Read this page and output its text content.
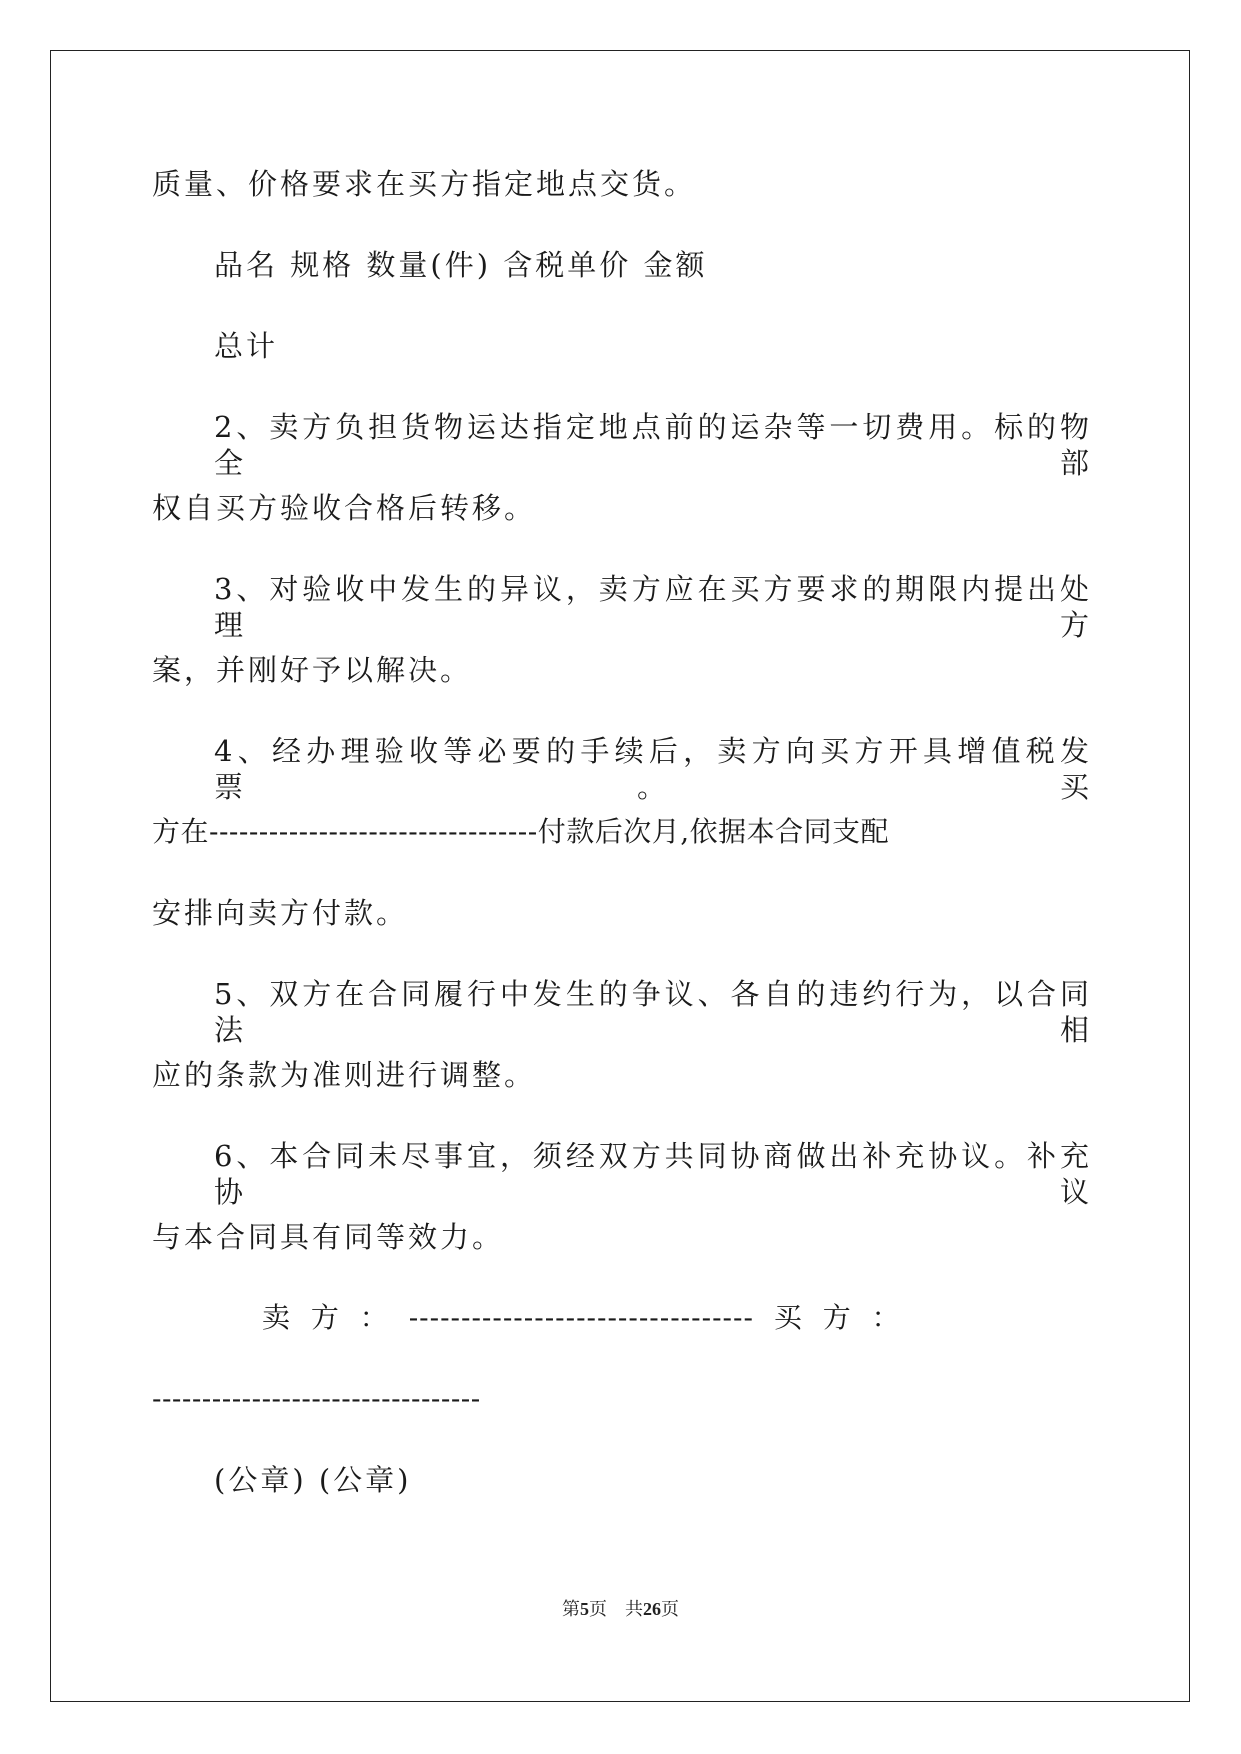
质量、价格要求在买方指定地点交货。
品名 规格 数量(件) 含税单价 金额
总计
2、卖方负担货物运达指定地点前的运杂等一切费用。标的物全部
权自买方验收合格后转移。
3、对验收中发生的异议，卖方应在买方要求的期限内提出处理方
案，并刚好予以解决。
4、经办理验收等必要的手续后，卖方向买方开具增值税发票。买
方在---------------------------------付款后次月,依据本合同支配
安排向卖方付款。
5、双方在合同履行中发生的争议、各自的违约行为，以合同法相
应的条款为准则进行调整。
6、本合同未尽事宜，须经双方共同协商做出补充协议。补充协议
与本合同具有同等效力。
卖 方 ： --------------------------------- 买 方 ：
---------------------------------
(公章) (公章)
第5页 共26页
